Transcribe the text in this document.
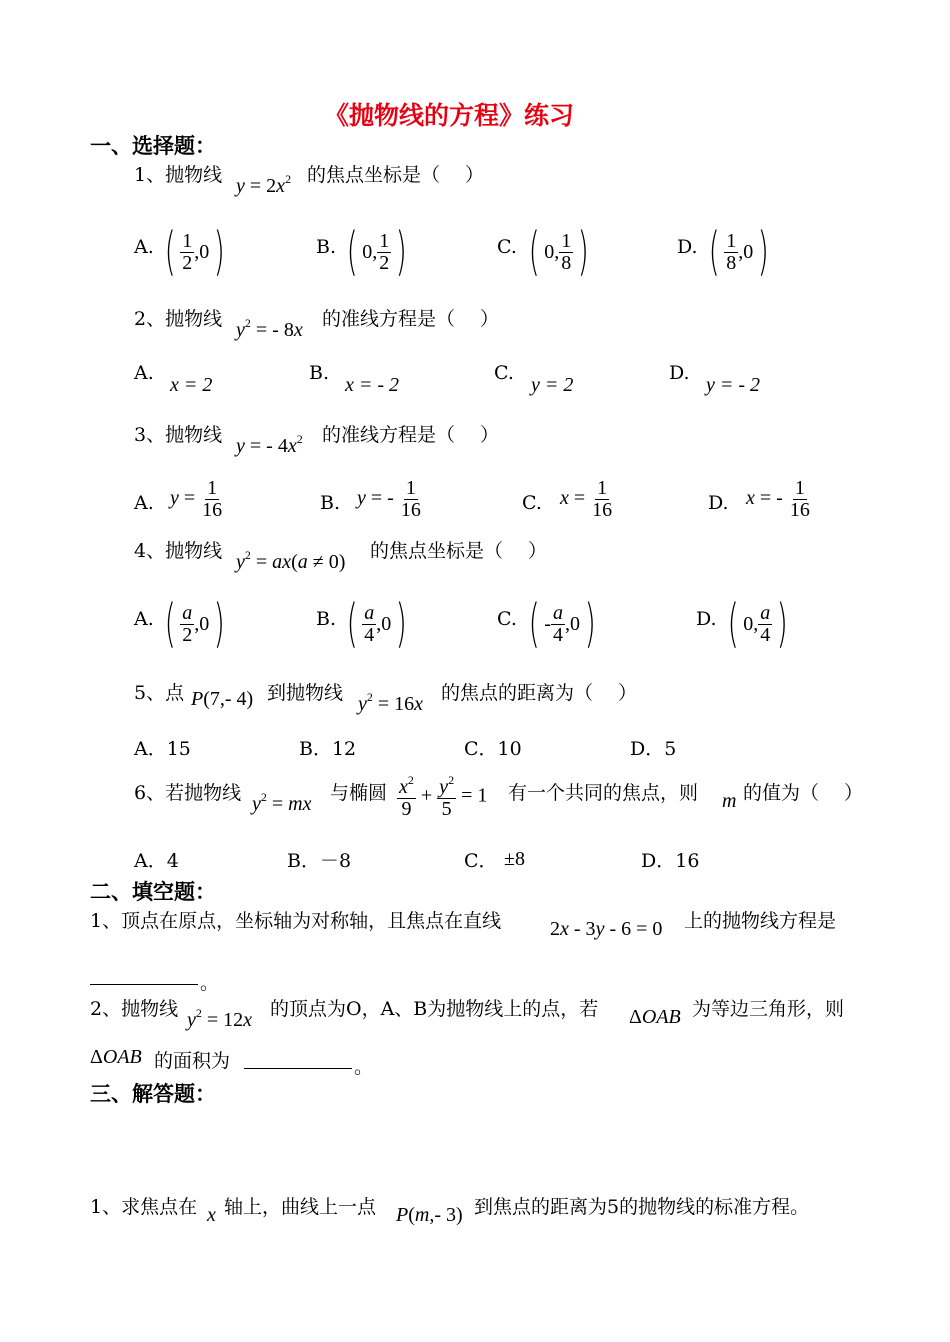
《抛物线的方程》练习
一、选择题：
1、抛物线 $y = 2x^2$ 的焦点坐标是（　 ）
A. ( $\frac{1}{2} ,0$ )	B. ( 0, $\frac{1}{2}$ )	C. ( 0, $\frac{1}{8}$ )	D. ( $\frac{1}{8} ,0$ )
2、抛物线 $y^2$ = - 8x 的准线方程是（　 ）
A.
x = 2
B.
x = - 2
C.
y = 2
D.
y = - 2
3、抛物线 y = - $4x^2$ 的准线方程是（　 ）
A. $y = \frac{1}{16}$	B. y = - $\frac{1}{16}$	C. $x = \frac{1}{16}$	D. x = - $\frac{1}{16}$
4、抛物线 $y^2 = ax(a \ne 0)$ 的焦点坐标是（　 ）
A. ( $\frac{a}{2} ,0$ )	B. ( $\frac{a}{4} ,0$ )	C. ( - $\frac{a}{4} ,0$ )	D. ( 0, $\frac{a}{4}$ )
5、点 P(7,- 4) 到抛物线 $y^2 = 16x$ 的焦点的距离为（　 ）
A．15	B．12	C．10	D．5
6、若抛物线 $y^2$ = mx 与椭圆 $\frac{x^2}{9} + \frac{y^2}{5} = 1$ 有一个共同的焦点，则 m 的值为（　 ）
A．4	B．－8	C． ±8	D．16
二、填空题：
1、顶点在原点，坐标轴为对称轴，且焦点在直线 2x - 3y - 6 = 0 上的抛物线方程是
。
2、抛物线 $y^2 = 12x$ 的顶点为O，A、B为抛物线上的点，若 ΔOAB 为等边三角形，则
ΔOAB 的面积为	。
三、解答题：
1、求焦点在 x 轴上，曲线上一点 P(m,- 3) 到焦点的距离为5的抛物线的标准方程。
